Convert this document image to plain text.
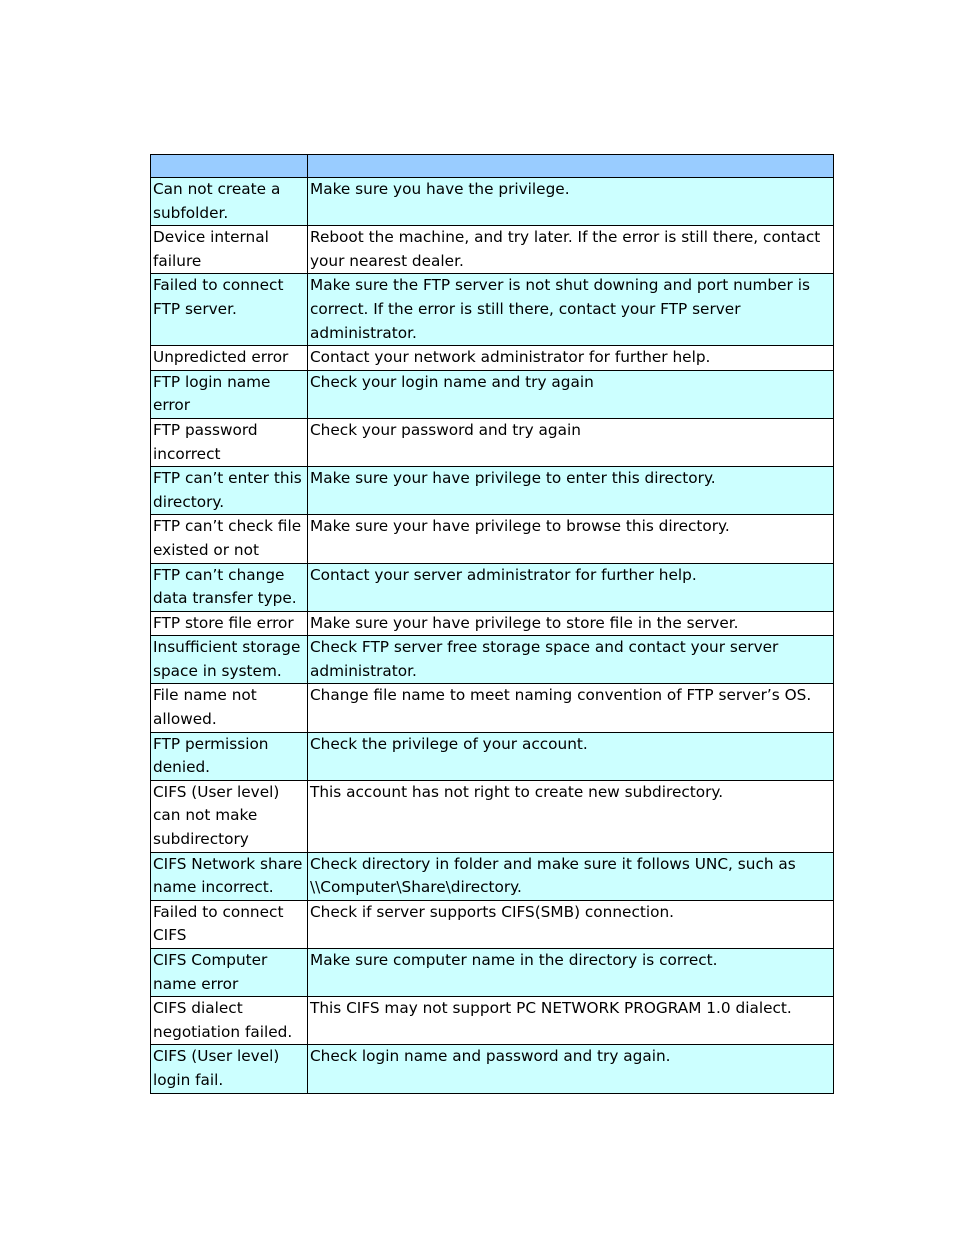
Can not create a subfolder.	Make sure you have the privilege.
Device internal failure	Reboot the machine, and try later. If the error is still there, contact your nearest dealer.
Failed to connect FTP server.	Make sure the FTP server is not shut downing and port number is correct. If the error is still there, contact your FTP server administrator.
Unpredicted error	Contact your network administrator for further help.
FTP login name error	Check your login name and try again
FTP password incorrect	Check your password and try again
FTP can’t enter this directory.	Make sure your have privilege to enter this directory.
FTP can’t check file existed or not	Make sure your have privilege to browse this directory.
FTP can’t change data transfer type.	Contact your server administrator for further help.
FTP store file error	Make sure your have privilege to store file in the server.
Insufficient storage space in system.	Check FTP server free storage space and contact your server administrator.
File name not allowed.	Change file name to meet naming convention of FTP server’s OS.
FTP permission denied.	Check the privilege of your account.
CIFS (User level) can not make subdirectory	This account has not right to create new subdirectory.
CIFS Network share name incorrect.	Check directory in folder and make sure it follows UNC, such as \\Computer\Share\directory.
Failed to connect CIFS	Check if server supports CIFS(SMB) connection.
CIFS Computer name error	Make sure computer name in the directory is correct.
CIFS dialect negotiation failed.	This CIFS may not support PC NETWORK PROGRAM 1.0 dialect.
CIFS (User level) login fail.	Check login name and password and try again.
